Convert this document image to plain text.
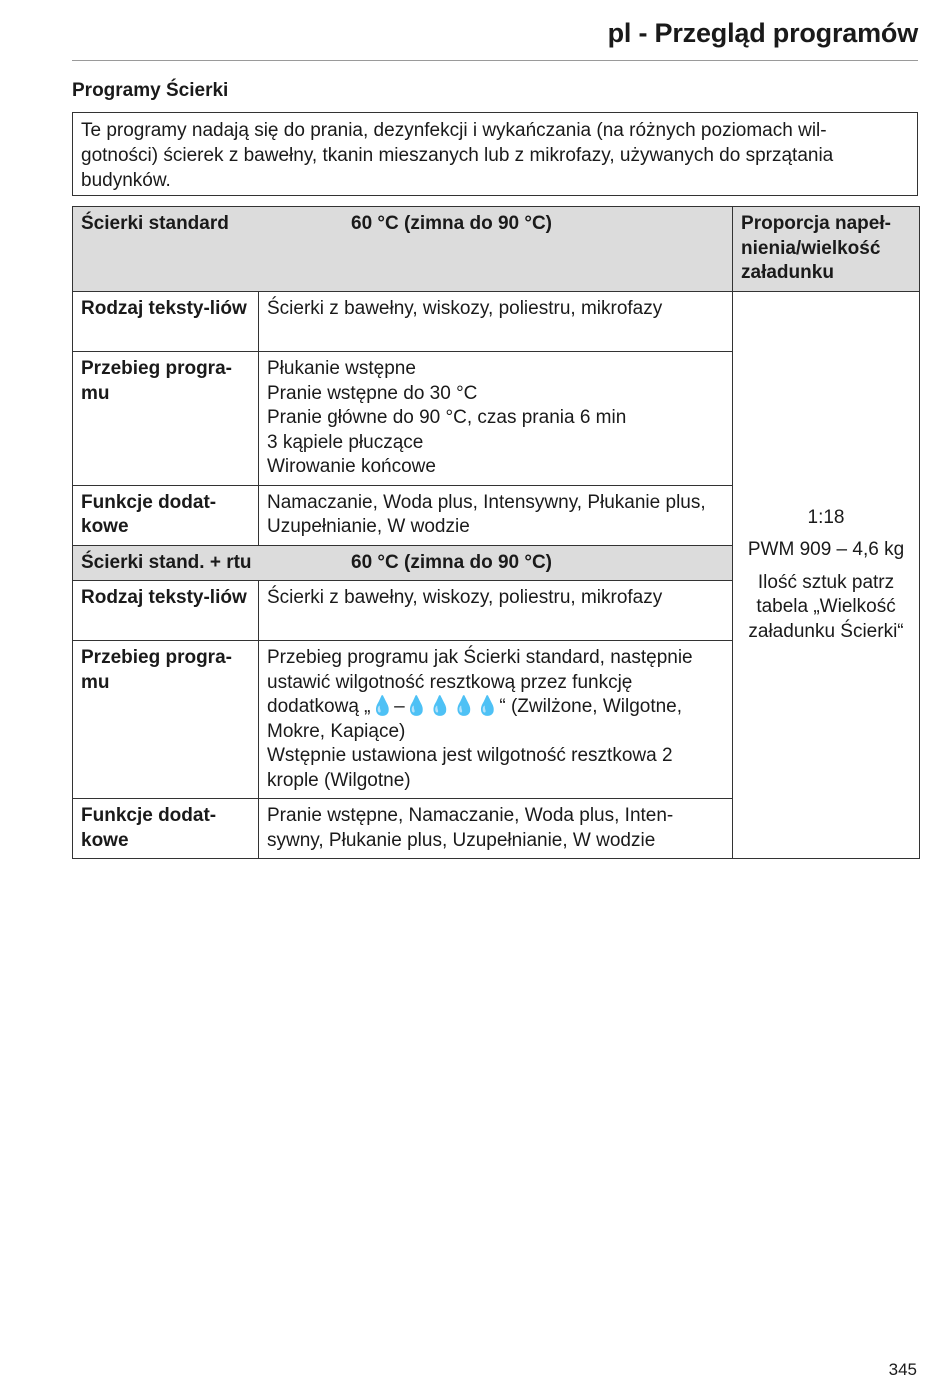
pl - Przegląd programów
Programy Ścierki
Te programy nadają się do prania, dezynfekcji i wykańczania (na różnych poziomach wil-
gotności) ścierek z bawełny, tkanin mieszanych lub z mikrofazy, używanych do sprzątania
budynków.
Ścierki standard 60 °C (zimna do 90 °C)		Proporcja napeł-nienia/wielkość załadunku
Rodzaj teksty-liów	Ścierki z bawełny, wiskozy, poliestru, mikrofazy	1:18
PWM 909 – 4,6 kg
Ilość sztuk patrz tabela „Wielkość załadunku Ścierki“

Przebieg progra-mu	Płukanie wstępne
Pranie wstępne do 30 °C
Pranie główne do 90 °C, czas prania 6 min
3 kąpiele płuczące
Wirowanie końcowe	

Funkcje dodat-kowe	Namaczanie, Woda plus, Intensywny, Płukanie plus, Uzupełnianie, W wodzie	

Ścierki stand. + rtu 60 °C (zimna do 90 °C)		

Rodzaj teksty-liów	Ścierki z bawełny, wiskozy, poliestru, mikrofazy	
Przebieg progra-mu	Przebieg programu jak Ścierki standard, następnie ustawić wilgotność resztkową przez funkcję dodatkową „💧–💧💧💧💧“ (Zwilżone, Wilgotne, Mokre, Kapiące)
Wstępnie ustawiona jest wilgotność resztkowa 2 krople (Wilgotne)	

Funkcje dodat-kowe	Pranie wstępne, Namaczanie, Woda plus, Inten-sywny, Płukanie plus, Uzupełnianie, W wodzie	
345
